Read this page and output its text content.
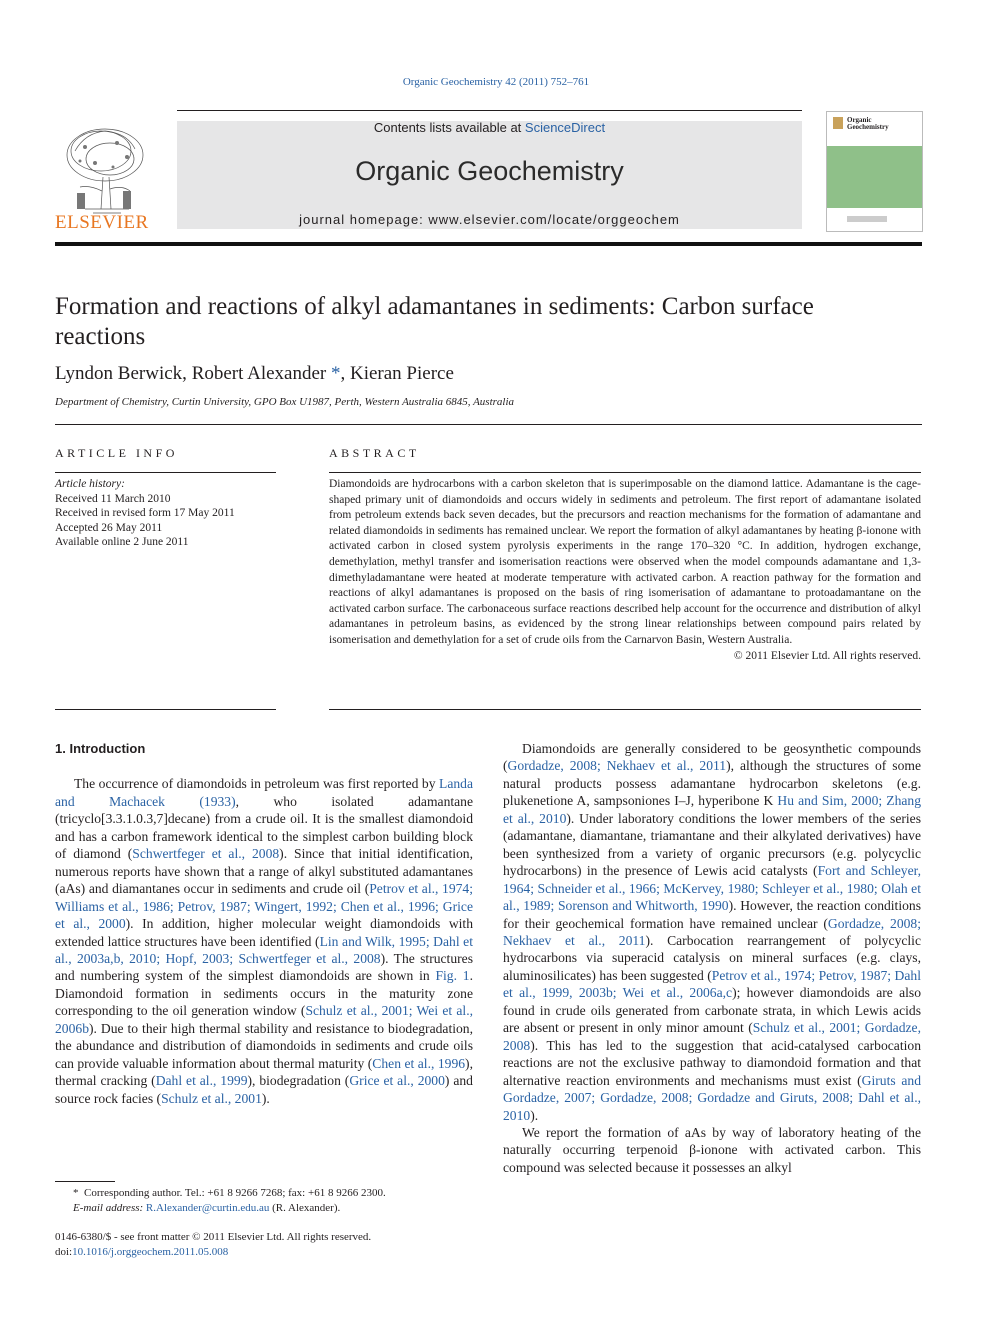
Organic Geochemistry 42 (2011) 752–761
Contents lists available at ScienceDirect
Organic Geochemistry
journal homepage: www.elsevier.com/locate/orggeochem
ELSEVIER
Organic
Geochemistry
Formation and reactions of alkyl adamantanes in sediments: Carbon surface reactions
Lyndon Berwick, Robert Alexander *, Kieran Pierce
Department of Chemistry, Curtin University, GPO Box U1987, Perth, Western Australia 6845, Australia
ARTICLE INFO
Article history:
Received 11 March 2010
Received in revised form 17 May 2011
Accepted 26 May 2011
Available online 2 June 2011
ABSTRACT
Diamondoids are hydrocarbons with a carbon skeleton that is superimposable on the diamond lattice. Adamantane is the cage-shaped primary unit of diamondoids and occurs widely in sediments and petroleum. The first report of adamantane isolated from petroleum extends back seven decades, but the precursors and reaction mechanisms for the formation of adamantane and related diamondoids in sediments has remained unclear. We report the formation of alkyl adamantanes by heating β-ionone with activated carbon in closed system pyrolysis experiments in the range 170–320 °C. In addition, hydrogen exchange, demethylation, methyl transfer and isomerisation reactions were observed when the model compounds adamantane and 1,3-dimethyladamantane were heated at moderate temperature with activated carbon. A reaction pathway for the formation and reactions of alkyl adamantanes is proposed on the basis of ring isomerisation of adamantane to protoadamantane on the activated carbon surface. The carbonaceous surface reactions described help account for the occurrence and distribution of alkyl adamantanes in petroleum basins, as evidenced by the strong linear relationships between compound pairs related by isomerisation and demethylation for a set of crude oils from the Carnarvon Basin, Western Australia.
© 2011 Elsevier Ltd. All rights reserved.

1. Introduction

The occurrence of diamondoids in petroleum was first reported by Landa and Machacek (1933), who isolated adamantane (tricyclo[3.3.1.0.3,7]decane) from a crude oil. It is the smallest diamondoid and has a carbon framework identical to the simplest carbon building block of diamond (Schwertfeger et al., 2008). Since that initial identification, numerous reports have shown that a range of alkyl substituted adamantanes (aAs) and diamantanes occur in sediments and crude oil (Petrov et al., 1974; Williams et al., 1986; Petrov, 1987; Wingert, 1992; Chen et al., 1996; Grice et al., 2000). In addition, higher molecular weight diamondoids with extended lattice structures have been identified (Lin and Wilk, 1995; Dahl et al., 2003a,b, 2010; Hopf, 2003; Schwertfeger et al., 2008). The structures and numbering system of the simplest diamondoids are shown in Fig. 1. Diamondoid formation in sediments occurs in the maturity zone corresponding to the oil generation window (Schulz et al., 2001; Wei et al., 2006b). Due to their high thermal stability and resistance to biodegradation, the abundance and distribution of diamondoids in sediments and crude oils can provide valuable information about thermal maturity (Chen et al., 1996), thermal cracking (Dahl et al., 1999), biodegradation (Grice et al., 2000) and source rock facies (Schulz et al., 2001).

Diamondoids are generally considered to be geosynthetic compounds (Gordadze, 2008; Nekhaev et al., 2011), although the structures of some natural products possess adamantane hydrocarbon skeletons (e.g. plukenetione A, sampsoniones I–J, hyperibone K Hu and Sim, 2000; Zhang et al., 2010). Under laboratory conditions the lower members of the series (adamantane, diamantane, triamantane and their alkylated derivatives) have been synthesized from a variety of organic precursors (e.g. polycyclic hydrocarbons) in the presence of Lewis acid catalysts (Fort and Schleyer, 1964; Schneider et al., 1966; McKervey, 1980; Schleyer et al., 1980; Olah et al., 1989; Sorenson and Whitworth, 1990). However, the reaction conditions for their geochemical formation have remained unclear (Gordadze, 2008; Nekhaev et al., 2011). Carbocation rearrangement of polycyclic hydrocarbons via superacid catalysis on mineral surfaces (e.g. clays, aluminosilicates) has been suggested (Petrov et al., 1974; Petrov, 1987; Dahl et al., 1999, 2003b; Wei et al., 2006a,c); however diamondoids are also found in crude oils generated from carbonate strata, in which Lewis acids are absent or present in only minor amount (Schulz et al., 2001; Gordadze, 2008). This has led to the suggestion that acid-catalysed carbocation reactions are not the exclusive pathway to diamondoid formation and that alternative reaction environments and mechanisms must exist (Giruts and Gordadze, 2007; Gordadze, 2008; Gordadze and Giruts, 2008; Dahl et al., 2010).

We report the formation of aAs by way of laboratory heating of the naturally occurring terpenoid β-ionone with activated carbon. This compound was selected because it possesses an alkyl

* Corresponding author. Tel.: +61 8 9266 7268; fax: +61 8 9266 2300.
E-mail address: R.Alexander@curtin.edu.au (R. Alexander).
0146-6380/$ - see front matter © 2011 Elsevier Ltd. All rights reserved.
doi:10.1016/j.orggeochem.2011.05.008
